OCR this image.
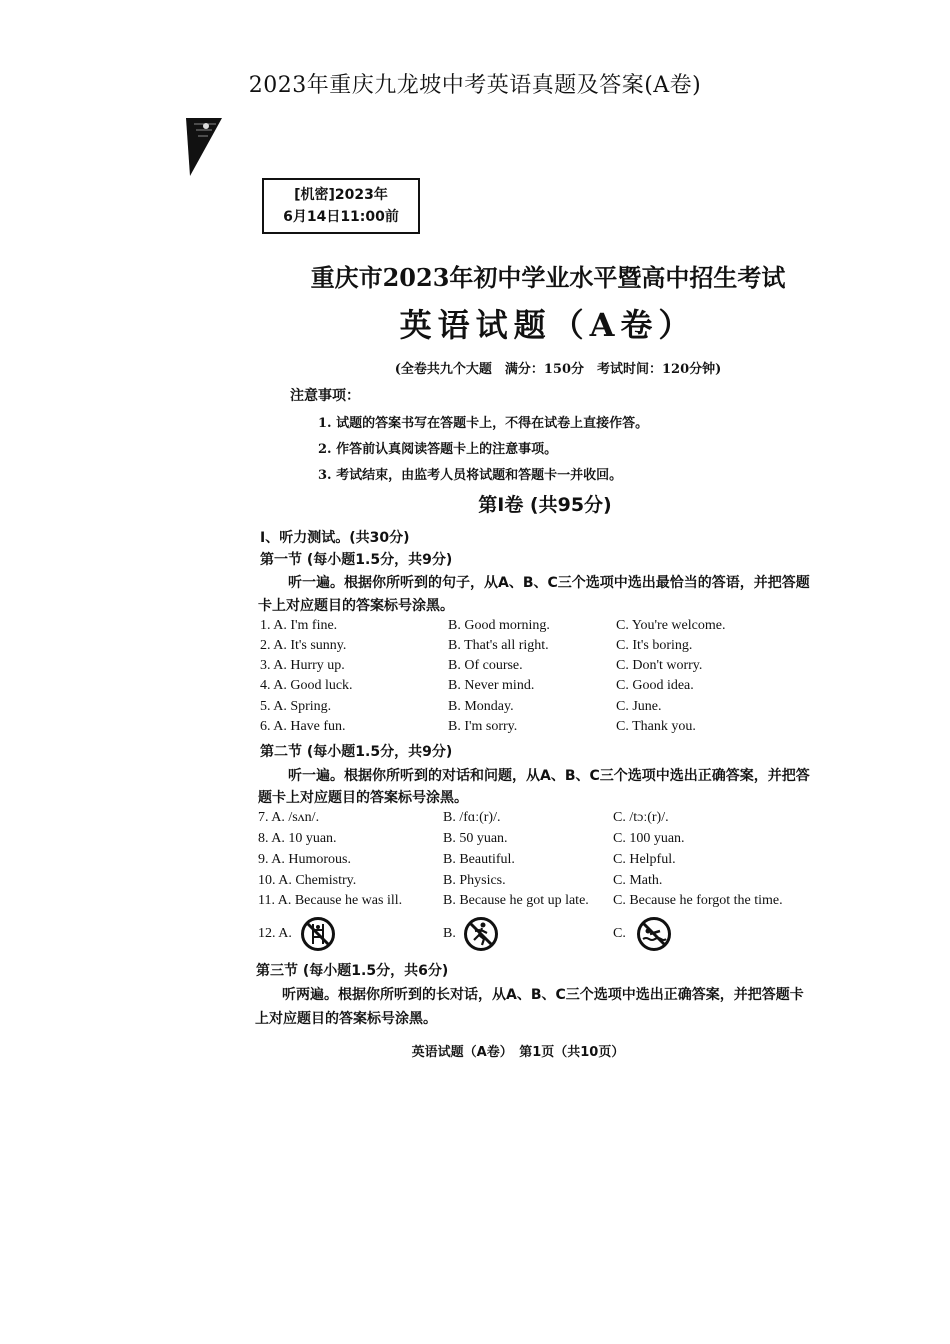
2023年重庆九龙坡中考英语真题及答案(A卷)
[机密]2023年
6月14日11:00前
重庆市2023年初中学业水平暨高中招生考试
英语试题（A卷）
(全卷共九个大题　满分：150分　考试时间：120分钟)
注意事项：
1. 试题的答案书写在答题卡上，不得在试卷上直接作答。
2. 作答前认真阅读答题卡上的注意事项。
3. 考试结束，由监考人员将试题和答题卡一并收回。
第Ⅰ卷 (共95分)
Ⅰ、听力测试。(共30分)
第一节 (每小题1.5分，共9分)
听一遍。根据你所听到的句子，从A、B、C三个选项中选出最恰当的答语，并把答题
卡上对应题目的答案标号涂黑。
1. A. I'm fine.	B. Good morning.	C. You're welcome.
2. A. It's sunny.	B. That's all right.	C. It's boring.
3. A. Hurry up.	B. Of course.	C. Don't worry.
4. A. Good luck.	B. Never mind.	C. Good idea.
5. A. Spring.	B. Monday.	C. June.
6. A. Have fun.	B. I'm sorry.	C. Thank you.
第二节 (每小题1.5分，共9分)
听一遍。根据你所听到的对话和问题，从A、B、C三个选项中选出正确答案，并把答
题卡上对应题目的答案标号涂黑。
7. A. /sʌn/.	B. /fɑː(r)/.	C. /tɔː(r)/.
8. A. 10 yuan.	B. 50 yuan.	C. 100 yuan.
9. A. Humorous.	B. Beautiful.	C. Helpful.
10. A. Chemistry.	B. Physics.	C. Math.
11. A. Because he was ill.	B. Because he got up late. C. Because he forgot the time.
12. A.	B.	C.
第三节 (每小题1.5分，共6分)
听两遍。根据你所听到的长对话，从A、B、C三个选项中选出正确答案，并把答题卡
上对应题目的答案标号涂黑。
英语试题（A卷）　第1页（共10页）
